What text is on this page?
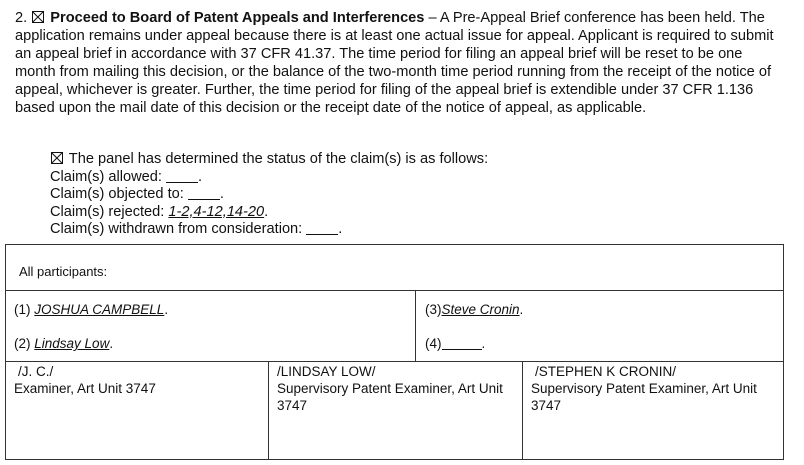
2. Proceed to Board of Patent Appeals and Interferences – A Pre-Appeal Brief conference has been held. The application remains under appeal because there is at least one actual issue for appeal. Applicant is required to submit an appeal brief in accordance with 37 CFR 41.37. The time period for filing an appeal brief will be reset to be one month from mailing this decision, or the balance of the two-month time period running from the receipt of the notice of appeal, whichever is greater. Further, the time period for filing of the appeal brief is extendible under 37 CFR 1.136 based upon the mail date of this decision or the receipt date of the notice of appeal, as applicable.
The panel has determined the status of the claim(s) is as follows:
Claim(s) allowed: .
Claim(s) objected to: .
Claim(s) rejected: 1-2,4-12,14-20.
Claim(s) withdrawn from consideration: .
All participants:
(1) JOSHUA CAMPBELL.
(2) Lindsay Low.
(3)Steve Cronin.
(4)	.
/J. C./
Examiner, Art Unit 3747
/LINDSAY LOW/
Supervisory Patent Examiner, Art Unit 3747
/STEPHEN K CRONIN/
Supervisory Patent Examiner, Art Unit 3747
